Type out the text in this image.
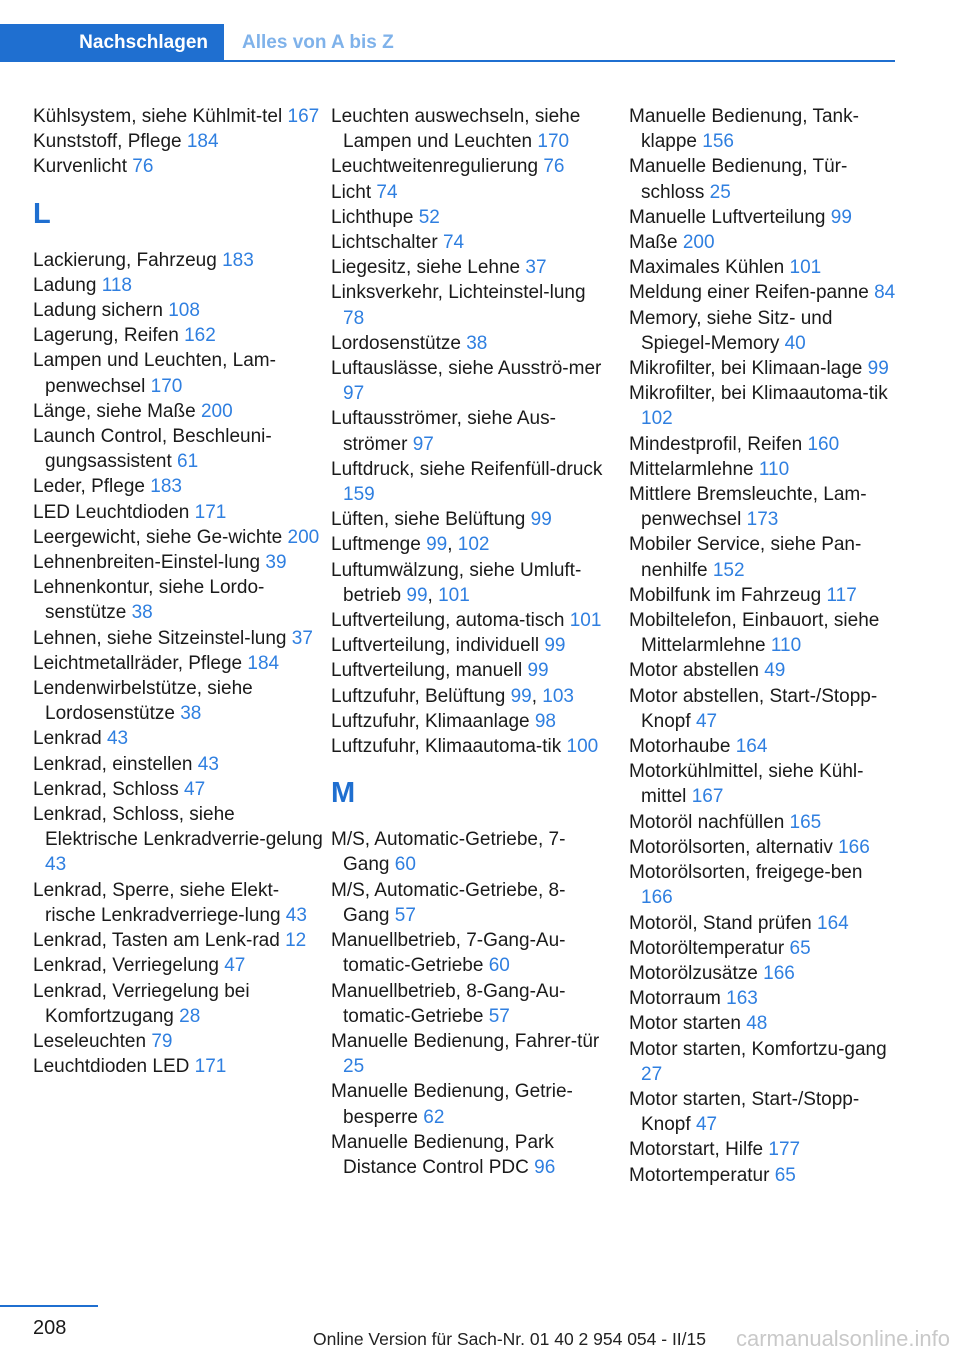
Nachschlagen	Alles von A bis Z
Kühlsystem, siehe Kühlmit-tel 167
Kunststoff, Pflege 184
Kurvenlicht 76
L
Lackierung, Fahrzeug 183
Ladung 118
Ladung sichern 108
Lagerung, Reifen 162
Lampen und Leuchten, Lam-penwechsel 170
Länge, siehe Maße 200
Launch Control, Beschleuni-gungsassistent 61
Leder, Pflege 183
LED Leuchtdioden 171
Leergewicht, siehe Ge-wichte 200
Lehnenbreiten-Einstel-lung 39
Lehnenkontur, siehe Lordo-senstütze 38
Lehnen, siehe Sitzeinstel-lung 37
Leichtmetallräder, Pflege 184
Lendenwirbelstütze, siehe Lordosenstütze 38
Lenkrad 43
Lenkrad, einstellen 43
Lenkrad, Schloss 47
Lenkrad, Schloss, siehe Elektrische Lenkradverrie-gelung 43
Lenkrad, Sperre, siehe Elekt-rische Lenkradverriege-lung 43
Lenkrad, Tasten am Lenk-rad 12
Lenkrad, Verriegelung 47
Lenkrad, Verriegelung bei Komfortzugang 28
Leseleuchten 79
Leuchtdioden LED 171
Leuchten auswechseln, siehe Lampen und Leuchten 170
Leuchtweitenregulierung 76
Licht 74
Lichthupe 52
Lichtschalter 74
Liegesitz, siehe Lehne 37
Linksverkehr, Lichteinstel-lung 78
Lordosenstütze 38
Luftauslässe, siehe Ausströ-mer 97
Luftausströmer, siehe Aus-strömer 97
Luftdruck, siehe Reifenfüll-druck 159
Lüften, siehe Belüftung 99
Luftmenge 99, 102
Luftumwälzung, siehe Umluft-betrieb 99, 101
Luftverteilung, automa-tisch 101
Luftverteilung, individuell 99
Luftverteilung, manuell 99
Luftzufuhr, Belüftung 99, 103
Luftzufuhr, Klimaanlage 98
Luftzufuhr, Klimaautoma-tik 100
M
M/S, Automatic-Getriebe, 7-Gang 60
M/S, Automatic-Getriebe, 8-Gang 57
Manuellbetrieb, 7-Gang-Au-tomatic-Getriebe 60
Manuellbetrieb, 8-Gang-Au-tomatic-Getriebe 57
Manuelle Bedienung, Fahrer-tür 25
Manuelle Bedienung, Getrie-besperre 62
Manuelle Bedienung, Park Distance Control PDC 96
Manuelle Bedienung, Tank-klappe 156
Manuelle Bedienung, Tür-schloss 25
Manuelle Luftverteilung 99
Maße 200
Maximales Kühlen 101
Meldung einer Reifen-panne 84
Memory, siehe Sitz- und Spiegel-Memory 40
Mikrofilter, bei Klimaan-lage 99
Mikrofilter, bei Klimaautoma-tik 102
Mindestprofil, Reifen 160
Mittelarmlehne 110
Mittlere Bremsleuchte, Lam-penwechsel 173
Mobiler Service, siehe Pan-nenhilfe 152
Mobilfunk im Fahrzeug 117
Mobiltelefon, Einbauort, siehe Mittelarmlehne 110
Motor abstellen 49
Motor abstellen, Start-/Stopp-Knopf 47
Motorhaube 164
Motorkühlmittel, siehe Kühl-mittel 167
Motoröl nachfüllen 165
Motorölsorten, alternativ 166
Motorölsorten, freigege-ben 166
Motoröl, Stand prüfen 164
Motoröltemperatur 65
Motorölzusätze 166
Motorraum 163
Motor starten 48
Motor starten, Komfortzu-gang 27
Motor starten, Start-/Stopp-Knopf 47
Motorstart, Hilfe 177
Motortemperatur 65
208	Online Version für Sach-Nr. 01 40 2 954 054 - II/15 carmanualsonline.info
